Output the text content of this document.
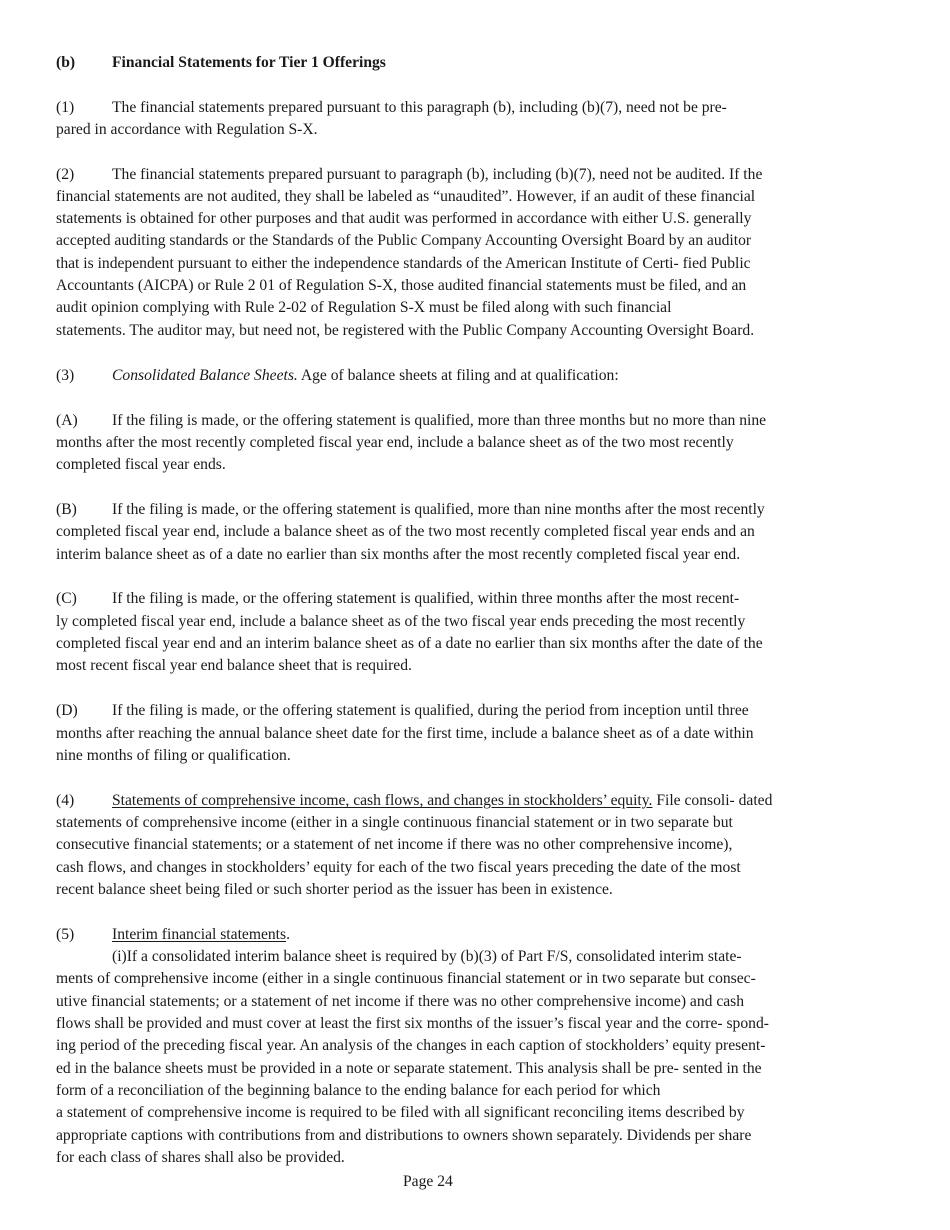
(b) Financial Statements for Tier 1 Offerings
(1) The financial statements prepared pursuant to this paragraph (b), including (b)(7), need not be pre-
pared in accordance with Regulation S-X.
(2) The financial statements prepared pursuant to paragraph (b), including (b)(7), need not be audited. If the
financial statements are not audited, they shall be labeled as “unaudited”. However, if an audit of these financial
statements is obtained for other purposes and that audit was performed in accordance with either U.S. generally
accepted auditing standards or the Standards of the Public Company Accounting Oversight Board by an auditor
that is independent pursuant to either the independence standards of the American Institute of Certi- fied Public
Accountants (AICPA) or Rule 2 01 of Regulation S-X, those audited financial statements must be filed, and an
audit opinion complying with Rule 2-02 of Regulation S-X must be filed along with such financial
statements. The auditor may, but need not, be registered with the Public Company Accounting Oversight Board.
(3) Consolidated Balance Sheets. Age of balance sheets at filing and at qualification:
(A) If the filing is made, or the offering statement is qualified, more than three months but no more than nine
months after the most recently completed fiscal year end, include a balance sheet as of the two most recently
completed fiscal year ends.
(B) If the filing is made, or the offering statement is qualified, more than nine months after the most recently
completed fiscal year end, include a balance sheet as of the two most recently completed fiscal year ends and an
interim balance sheet as of a date no earlier than six months after the most recently completed fiscal year end.
(C) If the filing is made, or the offering statement is qualified, within three months after the most recent-
ly completed fiscal year end, include a balance sheet as of the two fiscal year ends preceding the most recently
completed fiscal year end and an interim balance sheet as of a date no earlier than six months after the date of the
most recent fiscal year end balance sheet that is required.
(D) If the filing is made, or the offering statement is qualified, during the period from inception until three
months after reaching the annual balance sheet date for the first time, include a balance sheet as of a date within
nine months of filing or qualification.
(4) Statements of comprehensive income, cash flows, and changes in stockholders’ equity. File consoli- dated
statements of comprehensive income (either in a single continuous financial statement or in two separate but
consecutive financial statements; or a statement of net income if there was no other comprehensive income),
cash flows, and changes in stockholders’ equity for each of the two fiscal years preceding the date of the most
recent balance sheet being filed or such shorter period as the issuer has been in existence.
(5) Interim financial statements.
(i)If a consolidated interim balance sheet is required by (b)(3) of Part F/S, consolidated interim state-
ments of comprehensive income (either in a single continuous financial statement or in two separate but consec-
utive financial statements; or a statement of net income if there was no other comprehensive income) and cash
flows shall be provided and must cover at least the first six months of the issuer’s fiscal year and the corre- spond-
ing period of the preceding fiscal year. An analysis of the changes in each caption of stockholders’ equity present-
ed in the balance sheets must be provided in a note or separate statement. This analysis shall be pre- sented in the
form of a reconciliation of the beginning balance to the ending balance for each period for which
a statement of comprehensive income is required to be filed with all significant reconciling items described by
appropriate captions with contributions from and distributions to owners shown separately. Dividends per share
for each class of shares shall also be provided.
Page 24
